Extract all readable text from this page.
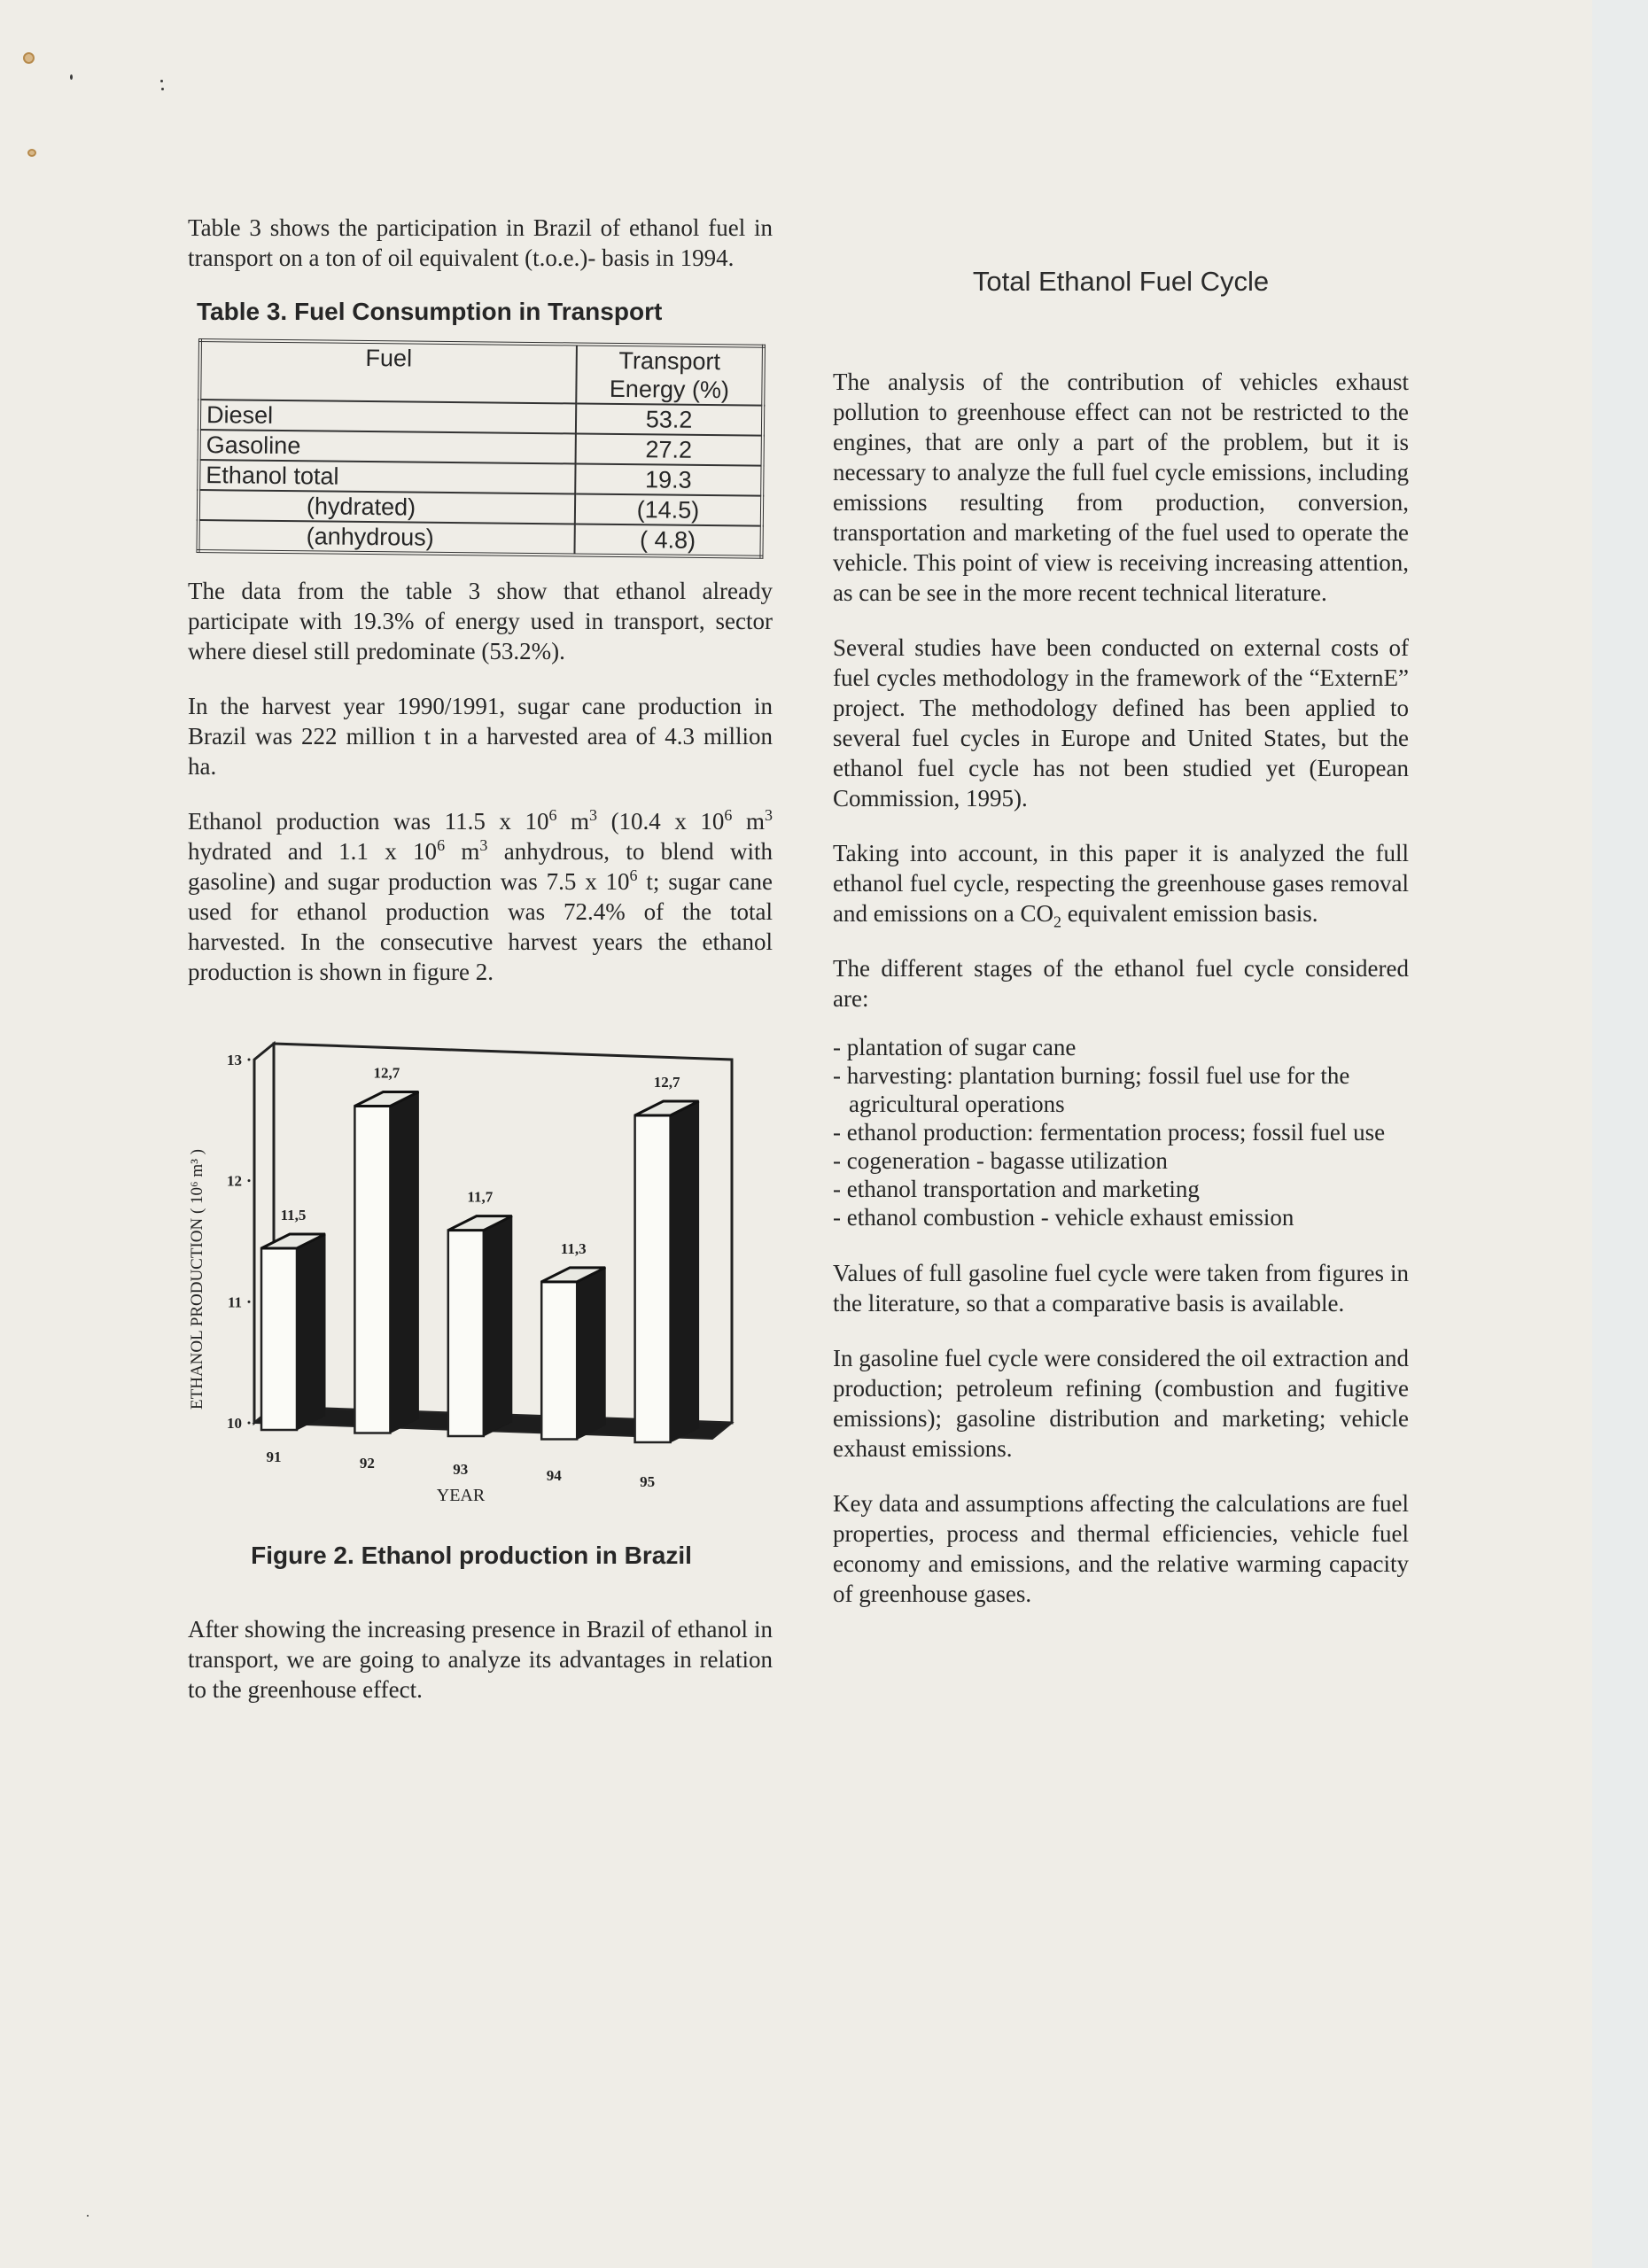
Table 3 shows the participation in Brazil of ethanol fuel in transport on a ton of oil equivalent (t.o.e.)- basis in 1994.

Table 3. Fuel Consumption in Transport
Fuel	Transport Energy (%)
Diesel	53.2
Gasoline	27.2
Ethanol total	19.3
(hydrated)	(14.5)
(anhydrous)	( 4.8)

The data from the table 3 show that ethanol already participate with 19.3% of energy used in transport, sector where diesel still predominate (53.2%).

In the harvest year 1990/1991, sugar cane production in Brazil was 222 million t in a harvested area of 4.3 million ha.

Ethanol production was 11.5 x $10^6$ $m^3$ (10.4 x $10^6$ $m^3$ hydrated and 1.1 x $10^6$ $m^3$ anhydrous, to blend with gasoline) and sugar production was 7.5 x $10^6$ t; sugar cane used for ethanol production was 72.4% of the total harvested. In the consecutive harvest years the ethanol production is shown in figure 2.

10
11
12
13
11,5
91
12,7
92
11,7
93
11,3
94
12,7
95
ETHANOL PRODUCTION ( 10⁶ m³ )
YEAR
Figure 2. Ethanol production in Brazil

After showing the increasing presence in Brazil of ethanol in transport, we are going to analyze its advantages in relation to the greenhouse effect.

Total Ethanol Fuel Cycle

The analysis of the contribution of vehicles exhaust pollution to greenhouse effect can not be restricted to the engines, that are only a part of the problem, but it is necessary to analyze the full fuel cycle emissions, including emissions resulting from production, conversion, transportation and marketing of the fuel used to operate the vehicle. This point of view is receiving increasing attention, as can be see in the more recent technical literature.

Several studies have been conducted on external costs of fuel cycles methodology in the framework of the “ExternE” project. The methodology defined has been applied to several fuel cycles in Europe and United States, but the ethanol fuel cycle has not been studied yet (European Commission, 1995).

Taking into account, in this paper it is analyzed the full ethanol fuel cycle, respecting the greenhouse gases removal and emissions on a $CO_2$ equivalent emission basis.

The different stages of the ethanol fuel cycle considered are:

- plantation of sugar cane
- harvesting: plantation burning; fossil fuel use for the agricultural operations
- ethanol production: fermentation process; fossil fuel use
- cogeneration - bagasse utilization
- ethanol transportation and marketing
- ethanol combustion - vehicle exhaust emission

Values of full gasoline fuel cycle were taken from figures in the literature, so that a comparative basis is available.

In gasoline fuel cycle were considered the oil extraction and production; petroleum refining (combustion and fugitive emissions); gasoline distribution and marketing; vehicle exhaust emissions.

Key data and assumptions affecting the calculations are fuel properties, process and thermal efficiencies, vehicle fuel economy and emissions, and the relative warming capacity of greenhouse gases.
